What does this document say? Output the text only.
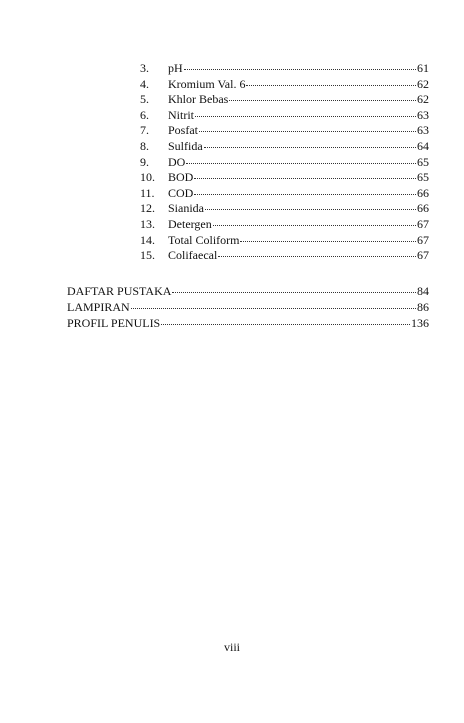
3.	pH	61
4.	Kromium Val. 6	62
5.	Khlor Bebas	62
6.	Nitrit	63
7.	Posfat	63
8.	Sulfida	64
9.	DO	65
10.	BOD	65
11.	COD	66
12.	Sianida	66
13.	Detergen	67
14.	Total Coliform	67
15.	Colifaecal	67
DAFTAR PUSTAKA	84
LAMPIRAN	86
PROFIL PENULIS	136
viii
